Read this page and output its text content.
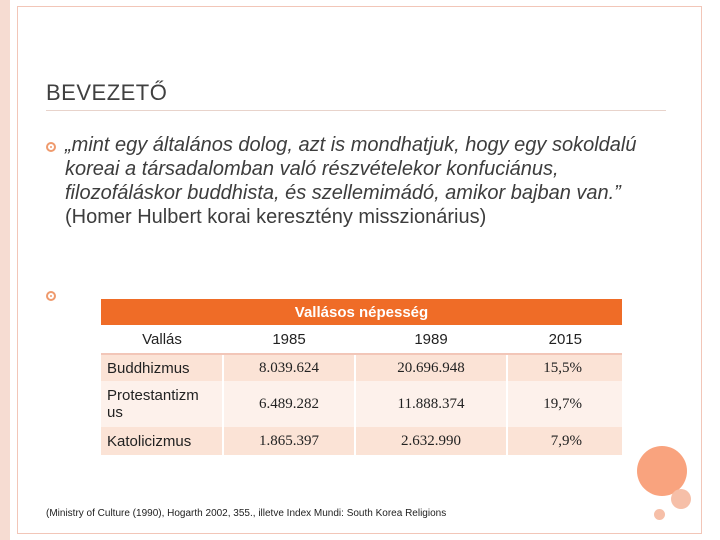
BEVEZETŐ
„mint egy általános dolog, azt is mondhatjuk, hogy egy sokoldalú koreai a társadalomban való részvételekor konfuciánus, filozofáláskor buddhista, és szellemimádó, amikor bajban van.” (Homer Hulbert korai keresztény misszionárius)
Vallásos népesség			
Vallás	1985	1989	2015
Buddhizmus	8.039.624	20.696.948	15,5%
Protestantizm us	6.489.282	11.888.374	19,7%
Katolicizmus	1.865.397	2.632.990	7,9%
(Ministry of Culture (1990), Hogarth 2002, 355., illetve Index Mundi: South Korea Religions
